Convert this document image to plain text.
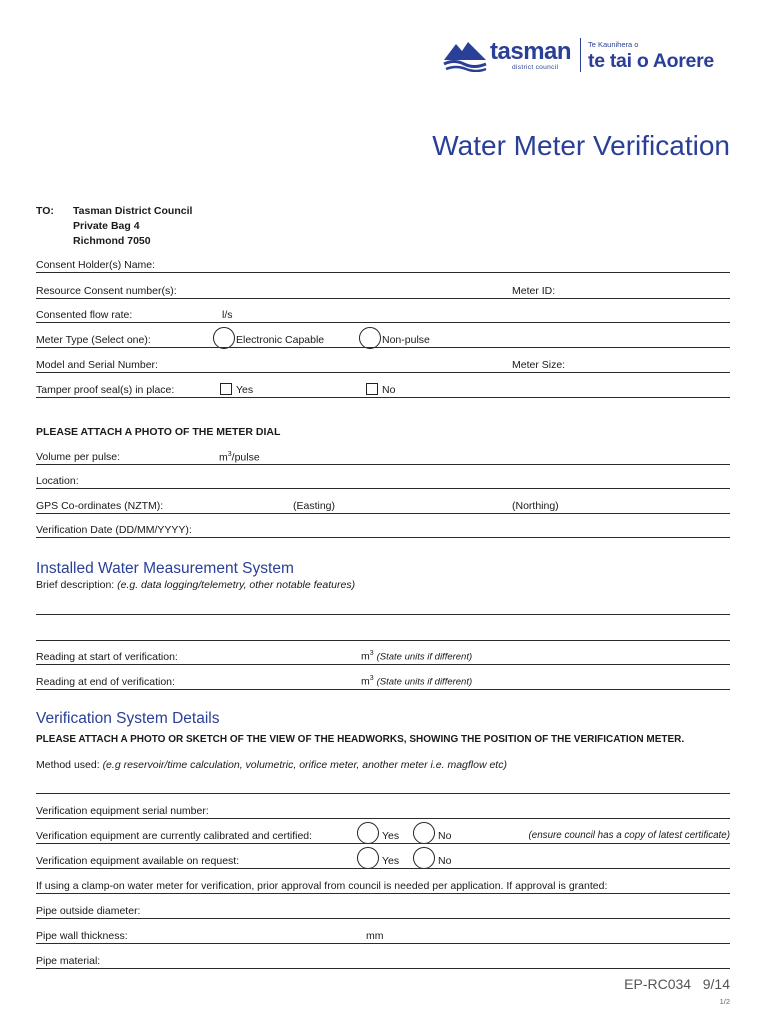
tasman
district council
Te Kaunihera o
te tai o Aorere
Water Meter Verification
TO: Tasman District Council
Private Bag 4
Richmond 7050
Consent Holder(s) Name:
Resource Consent number(s):	Meter ID:
Consented flow rate:	l/s
Meter Type (Select one):	Electronic Capable	Non-pulse
Model and Serial Number:	Meter Size:
Tamper proof seal(s) in place:	Yes	No
PLEASE ATTACH A PHOTO OF THE METER DIAL
Volume per pulse:	$m^3$/pulse
Location:
GPS Co-ordinates (NZTM):	(Easting)	(Northing)
Verification Date (DD/MM/YYYY):
Installed Water Measurement System
Brief description: (e.g. data logging/telemetry, other notable features)
Reading at start of verification:	$m^3$ (State units if different)
Reading at end of verification:	$m^3$ (State units if different)
Verification System Details
PLEASE ATTACH A PHOTO OR SKETCH OF THE VIEW OF THE HEADWORKS, SHOWING THE POSITION OF THE VERIFICATION METER.
Method used: (e.g reservoir/time calculation, volumetric, orifice meter, another meter i.e. magflow etc)
Verification equipment serial number:
Verification equipment are currently calibrated and certified:	Yes	No	(ensure council has a copy of latest certificate)
Verification equipment available on request:	Yes	No
If using a clamp-on water meter for verification, prior approval from council is needed per application. If approval is granted:
Pipe outside diameter:
Pipe wall thickness:	mm
Pipe material:
EP-RC034   9/14
1/2
